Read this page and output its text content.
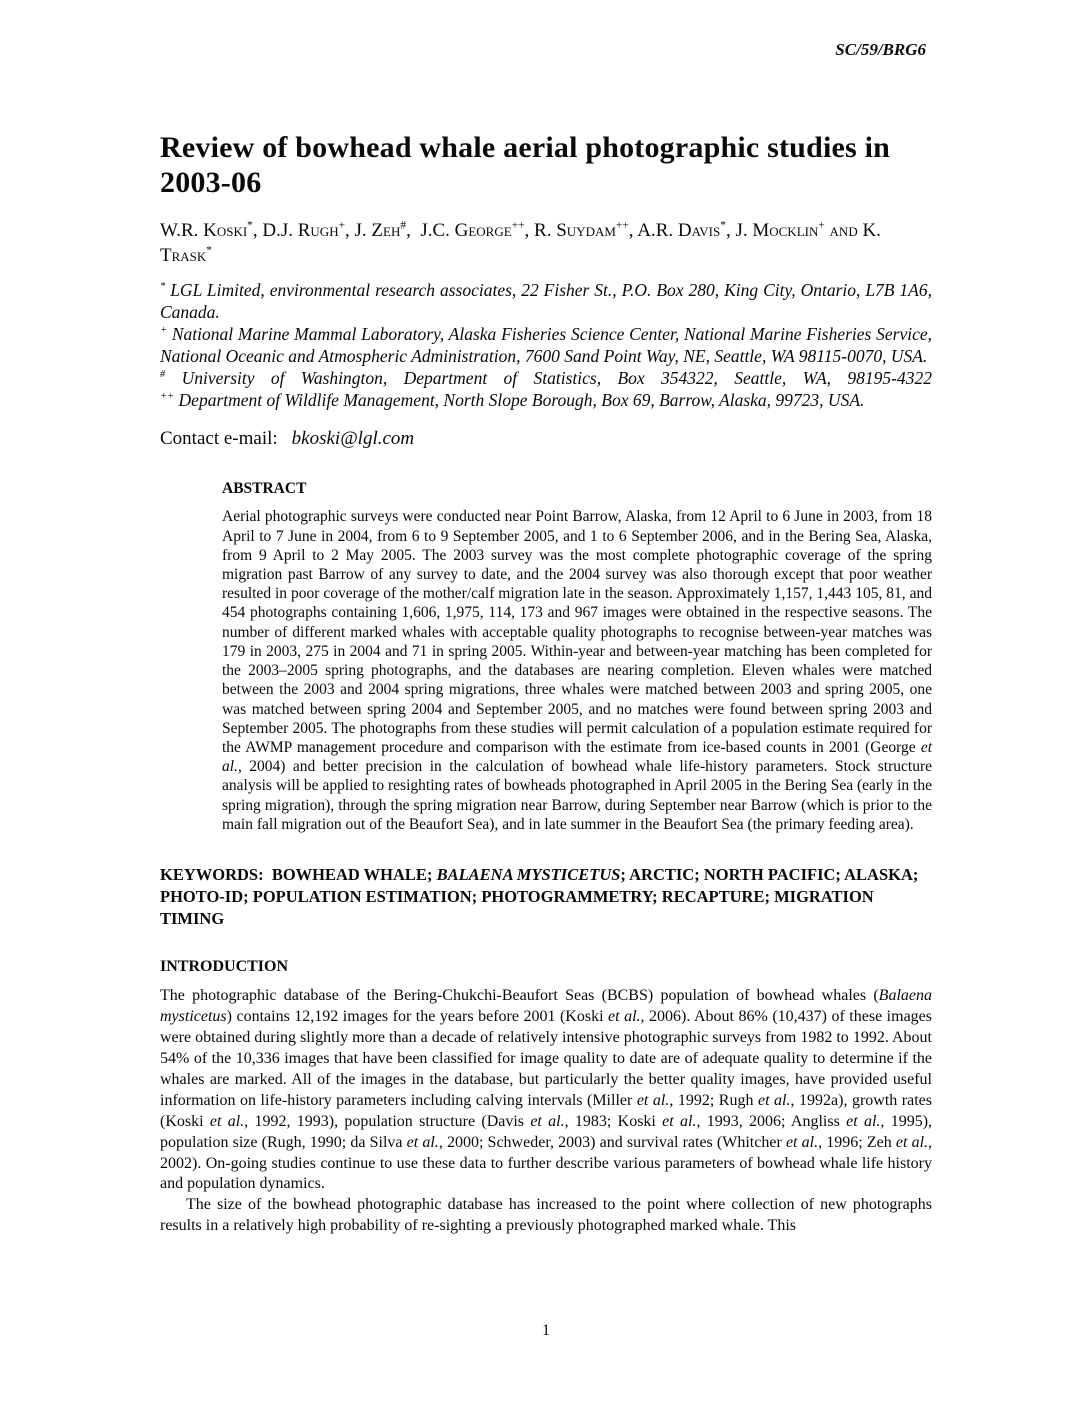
SC/59/BRG6
Review of bowhead whale aerial photographic studies in 2003-06
W.R. Koski*, D.J. Rugh+, J. Zeh#,  J.C. George++, R. Suydam++, A.R. Davis*, J. Mocklin+ and K. Trask*

* LGL Limited, environmental research associates, 22 Fisher St., P.O. Box 280, King City, Ontario, L7B 1A6, Canada.

+ National Marine Mammal Laboratory, Alaska Fisheries Science Center, National Marine Fisheries Service, National Oceanic and Atmospheric Administration, 7600 Sand Point Way, NE, Seattle, WA 98115-0070, USA.

# University of Washington, Department of Statistics, Box 354322, Seattle, WA, 98195-4322

++ Department of Wildlife Management, North Slope Borough, Box 69, Barrow, Alaska, 99723, USA.

Contact e-mail: bkoski@lgl.com

ABSTRACT

Aerial photographic surveys were conducted near Point Barrow, Alaska, from 12 April to 6 June in 2003, from 18 April to 7 June in 2004, from 6 to 9 September 2005, and 1 to 6 September 2006, and in the Bering Sea, Alaska, from 9 April to 2 May 2005. The 2003 survey was the most complete photographic coverage of the spring migration past Barrow of any survey to date, and the 2004 survey was also thorough except that poor weather resulted in poor coverage of the mother/calf migration late in the season. Approximately 1,157, 1,443 105, 81, and 454 photographs containing 1,606, 1,975, 114, 173 and 967 images were obtained in the respective seasons. The number of different marked whales with acceptable quality photographs to recognise between-year matches was 179 in 2003, 275 in 2004 and 71 in spring 2005. Within-year and between-year matching has been completed for the 2003–2005 spring photographs, and the databases are nearing completion. Eleven whales were matched between the 2003 and 2004 spring migrations, three whales were matched between 2003 and spring 2005, one was matched between spring 2004 and September 2005, and no matches were found between spring 2003 and September 2005. The photographs from these studies will permit calculation of a population estimate required for the AWMP management procedure and comparison with the estimate from ice-based counts in 2001 (George et al., 2004) and better precision in the calculation of bowhead whale life-history parameters. Stock structure analysis will be applied to resighting rates of bowheads photographed in April 2005 in the Bering Sea (early in the spring migration), through the spring migration near Barrow, during September near Barrow (which is prior to the main fall migration out of the Beaufort Sea), and in late summer in the Beaufort Sea (the primary feeding area).

KEYWORDS:  BOWHEAD WHALE; BALAENA MYSTICETUS; ARCTIC; NORTH PACIFIC; ALASKA; PHOTO-ID; POPULATION ESTIMATION; PHOTOGRAMMETRY; RECAPTURE; MIGRATION TIMING

INTRODUCTION

The photographic database of the Bering-Chukchi-Beaufort Seas (BCBS) population of bowhead whales (Balaena mysticetus) contains 12,192 images for the years before 2001 (Koski et al., 2006). About 86% (10,437) of these images were obtained during slightly more than a decade of relatively intensive photographic surveys from 1982 to 1992. About 54% of the 10,336 images that have been classified for image quality to date are of adequate quality to determine if the whales are marked. All of the images in the database, but particularly the better quality images, have provided useful information on life-history parameters including calving intervals (Miller et al., 1992; Rugh et al., 1992a), growth rates (Koski et al., 1992, 1993), population structure (Davis et al., 1983; Koski et al., 1993, 2006; Angliss et al., 1995), population size (Rugh, 1990; da Silva et al., 2000; Schweder, 2003) and survival rates (Whitcher et al., 1996; Zeh et al., 2002). On-going studies continue to use these data to further describe various parameters of bowhead whale life history and population dynamics.

The size of the bowhead photographic database has increased to the point where collection of new photographs results in a relatively high probability of re-sighting a previously photographed marked whale. This

1
